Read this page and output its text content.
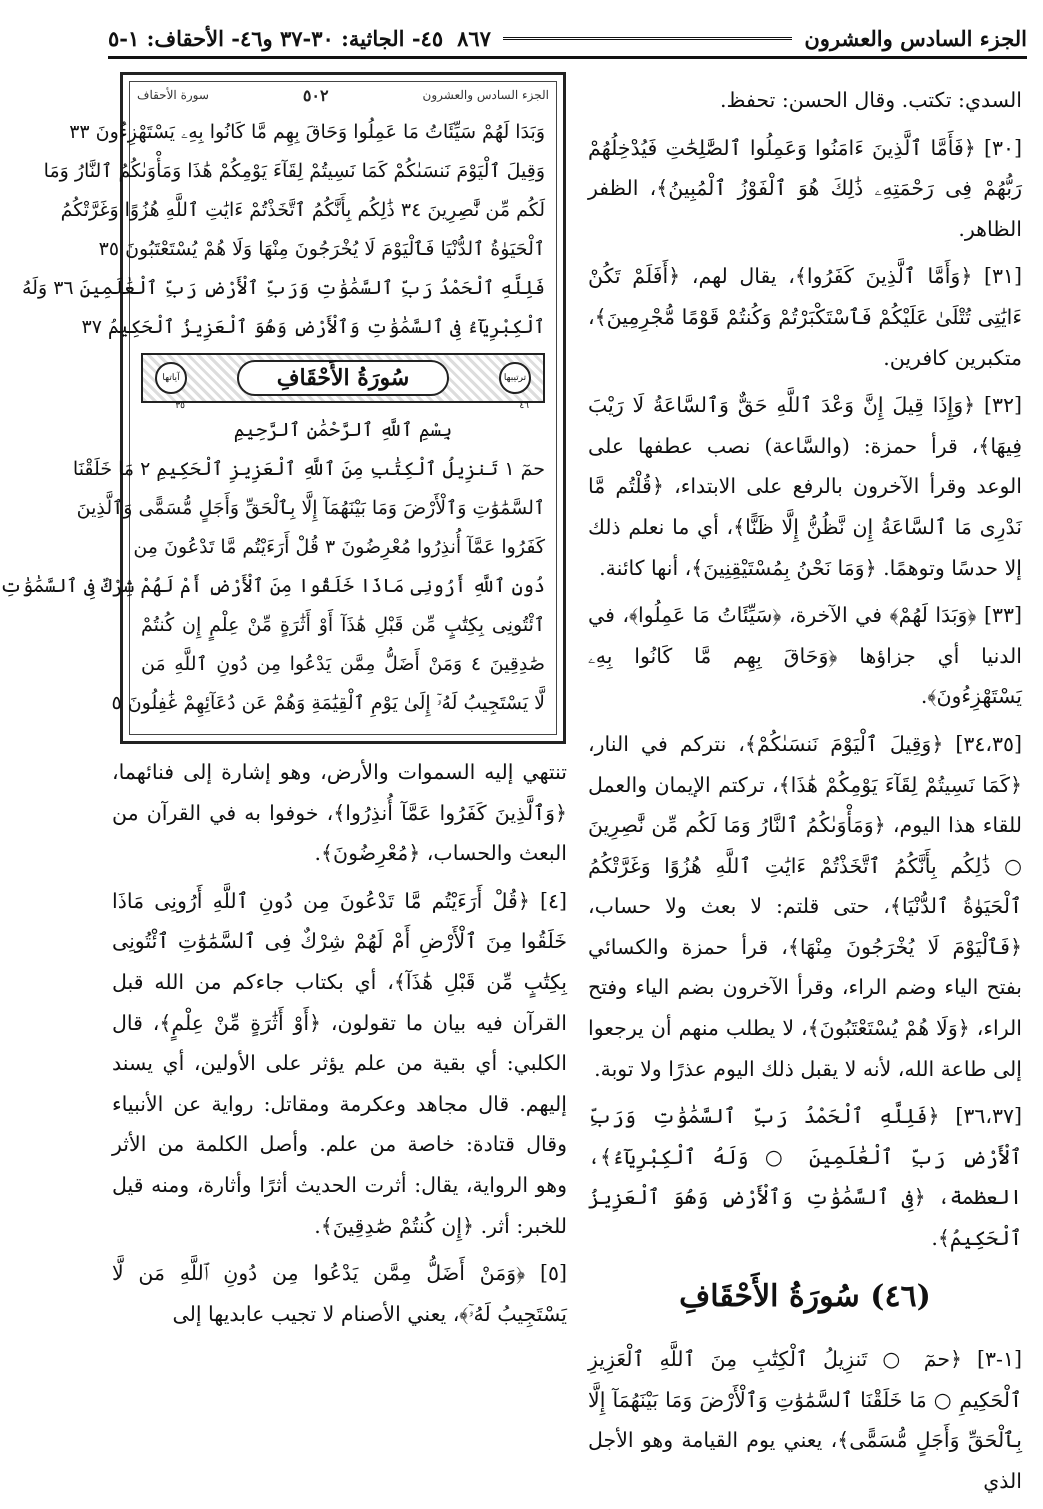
الجزء السادس والعشرون
٨٦٧
٤٥- الجاثية: ٣٠-٣٧ و٤٦- الأحقاف: ١-٥

السدي: تكتب. وقال الحسن: تحفظ.

[٣٠] ﴿فَأَمَّا ٱلَّذِينَ ءَامَنُوا وَعَمِلُوا ٱلصَّٰلِحَٰتِ فَيُدْخِلُهُمْ رَبُّهُمْ فِى رَحْمَتِهِۦ ذَٰلِكَ هُوَ ٱلْفَوْزُ ٱلْمُبِينُ﴾، الظفر الظاهر.

[٣١] ﴿وَأَمَّا ٱلَّذِينَ كَفَرُوا﴾، يقال لهم، ﴿أَفَلَمْ تَكُنْ ءَايَٰتِى تُتْلَىٰ عَلَيْكُمْ فَٱسْتَكْبَرْتُمْ وَكُنتُمْ قَوْمًا مُّجْرِمِينَ﴾، متكبرين كافرين.

[٣٢] ﴿وَإِذَا قِيلَ إِنَّ وَعْدَ ٱللَّهِ حَقٌّ وَٱلسَّاعَةُ لَا رَيْبَ فِيهَا﴾، قرأ حمزة: (والسَّاعة) نصب عطفها على الوعد وقرأ الآخرون بالرفع على الابتداء، ﴿قُلْتُم مَّا نَدْرِى مَا ٱلسَّاعَةُ إِن نَّظُنُّ إِلَّا ظَنًّا﴾، أي ما نعلم ذلك إلا حدسًا وتوهمًا. ﴿وَمَا نَحْنُ بِمُسْتَيْقِنِينَ﴾، أنها كائنة.

[٣٣] ﴿وَبَدَا لَهُمْ﴾ في الآخرة، ﴿سَيِّئَاتُ مَا عَمِلُوا﴾، في الدنيا أي جزاؤها ﴿وَحَاقَ بِهِم مَّا كَانُوا بِهِۦ يَسْتَهْزِءُونَ﴾.

[٣٤،٣٥] ﴿وَقِيلَ ٱلْيَوْمَ نَنسَىٰكُمْ﴾، نتركم في النار، ﴿كَمَا نَسِيتُمْ لِقَآءَ يَوْمِكُمْ هَٰذَا﴾، تركتم الإيمان والعمل للقاء هذا اليوم، ﴿وَمَأْوَىٰكُمُ ٱلنَّارُ وَمَا لَكُم مِّن نَّٰصِرِينَ ○ ذَٰلِكُم بِأَنَّكُمُ ٱتَّخَذْتُمْ ءَايَٰتِ ٱللَّهِ هُزُوًا وَغَرَّتْكُمُ ٱلْحَيَوٰةُ ٱلدُّنْيَا﴾، حتى قلتم: لا بعث ولا حساب، ﴿فَٱلْيَوْمَ لَا يُخْرَجُونَ مِنْهَا﴾، قرأ حمزة والكسائي بفتح الياء وضم الراء، وقرأ الآخرون بضم الياء وفتح الراء، ﴿وَلَا هُمْ يُسْتَعْتَبُونَ﴾، لا يطلب منهم أن يرجعوا إلى طاعة الله، لأنه لا يقبل ذلك اليوم عذرًا ولا توبة.

[٣٦،٣٧] ﴿فَلِلَّهِ ٱلْحَمْدُ رَبِّ ٱلسَّمَٰوَٰتِ وَرَبِّ ٱلْأَرْضِ رَبِّ ٱلْعَٰلَمِينَ ○ وَلَهُ ٱلْكِبْرِيَآءُ﴾، العظمة، ﴿فِى ٱلسَّمَٰوَٰتِ وَٱلْأَرْضِ وَهُوَ ٱلْعَزِيزُ ٱلْحَكِيمُ﴾.

(٤٦) سُورَةُ الأَحْقَافِ

[١-٣] ﴿حمٓ ○ تَنزِيلُ ٱلْكِتَٰبِ مِنَ ٱللَّهِ ٱلْعَزِيزِ ٱلْحَكِيمِ ○ مَا خَلَقْنَا ٱلسَّمَٰوَٰتِ وَٱلْأَرْضَ وَمَا بَيْنَهُمَآ إِلَّا بِٱلْحَقِّ وَأَجَلٍ مُّسَمًّى﴾، يعني يوم القيامة وهو الأجل الذي

الجزء السادس والعشرون
٥٠٢
سورة الأحقاف
وَبَدَا لَهُمْ سَيِّئَاتُ مَا عَمِلُوا وَحَاقَ بِهِم مَّا كَانُوا بِهِۦ يَسْتَهْزِءُونَ ٣٣
وَقِيلَ ٱلْيَوْمَ نَنسَىٰكُمْ كَمَا نَسِيتُمْ لِقَآءَ يَوْمِكُمْ هَٰذَا وَمَأْوَىٰكُمُ ٱلنَّارُ وَمَا
لَكُم مِّن نَّٰصِرِينَ ٣٤ ذَٰلِكُم بِأَنَّكُمُ ٱتَّخَذْتُمْ ءَايَٰتِ ٱللَّهِ هُزُوًا وَغَرَّتْكُمُ
ٱلْحَيَوٰةُ ٱلدُّنْيَا فَٱلْيَوْمَ لَا يُخْرَجُونَ مِنْهَا وَلَا هُمْ يُسْتَعْتَبُونَ ٣٥
فَلِلَّهِ ٱلْحَمْدُ رَبِّ ٱلسَّمَٰوَٰتِ وَرَبِّ ٱلْأَرْضِ رَبِّ ٱلْعَٰلَمِينَ ٣٦ وَلَهُ
ٱلْكِبْرِيَآءُ فِى ٱلسَّمَٰوَٰتِ وَٱلْأَرْضِ وَهُوَ ٱلْعَزِيزُ ٱلْحَكِيمُ ٣٧
ترتيبها ٤٦
سُورَةُ الأَحْقَافِ
آياتها ٣٥
بِسْمِ ٱللَّهِ ٱلرَّحْمَٰنِ ٱلرَّحِيمِ
حمٓ ١ تَنزِيلُ ٱلْكِتَٰبِ مِنَ ٱللَّهِ ٱلْعَزِيزِ ٱلْحَكِيمِ ٢ مَا خَلَقْنَا
ٱلسَّمَٰوَٰتِ وَٱلْأَرْضَ وَمَا بَيْنَهُمَآ إِلَّا بِٱلْحَقِّ وَأَجَلٍ مُّسَمًّى وَٱلَّذِينَ
كَفَرُوا عَمَّآ أُنذِرُوا مُعْرِضُونَ ٣ قُلْ أَرَءَيْتُم مَّا تَدْعُونَ مِن
دُونِ ٱللَّهِ أَرُونِى مَاذَا خَلَقُوا مِنَ ٱلْأَرْضِ أَمْ لَهُمْ شِرْكٌ فِى ٱلسَّمَٰوَٰتِ
ٱئْتُونِى بِكِتَٰبٍ مِّن قَبْلِ هَٰذَآ أَوْ أَثَٰرَةٍ مِّنْ عِلْمٍ إِن كُنتُمْ
صَٰدِقِينَ ٤ وَمَنْ أَضَلُّ مِمَّن يَدْعُوا مِن دُونِ ٱللَّهِ مَن
لَّا يَسْتَجِيبُ لَهُۥٓ إِلَىٰ يَوْمِ ٱلْقِيَٰمَةِ وَهُمْ عَن دُعَآئِهِمْ غَٰفِلُونَ ٥

تنتهي إليه السموات والأرض، وهو إشارة إلى فنائهما، ﴿وَٱلَّذِينَ كَفَرُوا عَمَّآ أُنذِرُوا﴾، خوفوا به في القرآن من البعث والحساب، ﴿مُعْرِضُونَ﴾.

[٤] ﴿قُلْ أَرَءَيْتُم مَّا تَدْعُونَ مِن دُونِ ٱللَّهِ أَرُونِى مَاذَا خَلَقُوا مِنَ ٱلْأَرْضِ أَمْ لَهُمْ شِرْكٌ فِى ٱلسَّمَٰوَٰتِ ٱئْتُونِى بِكِتَٰبٍ مِّن قَبْلِ هَٰذَآ﴾، أي بكتاب جاءكم من الله قبل القرآن فيه بيان ما تقولون، ﴿أَوْ أَثَٰرَةٍ مِّنْ عِلْمٍ﴾، قال الكلبي: أي بقية من علم يؤثر على الأولين، أي يسند إليهم. قال مجاهد وعكرمة ومقاتل: رواية عن الأنبياء وقال قتادة: خاصة من علم. وأصل الكلمة من الأثر وهو الرواية، يقال: أثرت الحديث أثرًا وأثارة، ومنه قيل للخبر: أثر. ﴿إِن كُنتُمْ صَٰدِقِينَ﴾.

[٥] ﴿وَمَنْ أَضَلُّ مِمَّن يَدْعُوا مِن دُونِ ٱللَّهِ مَن لَّا يَسْتَجِيبُ لَهُۥٓ﴾، يعني الأصنام لا تجيب عابديها إلى
